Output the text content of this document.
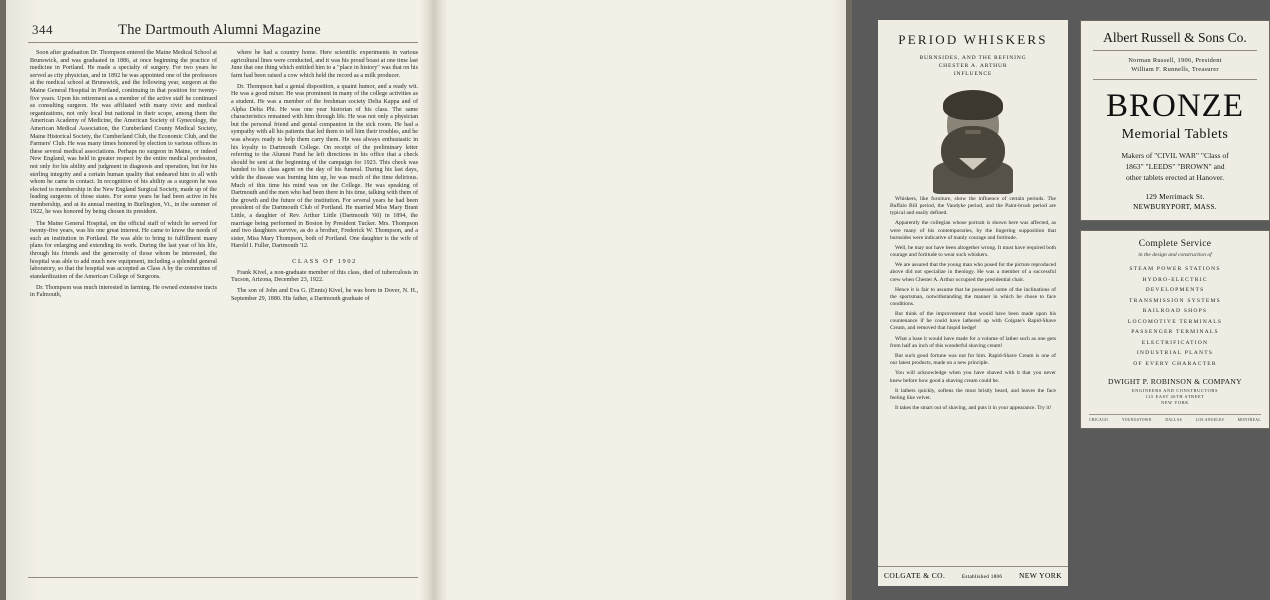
344	The Dartmouth Alumni Magazine

Soon after graduation Dr. Thompson entered the Maine Medical School at Brunswick, and was graduated in 1886, at once beginning the practice of medicine in Portland. He made a specialty of surgery. For two years he served as city physician, and in 1892 he was appointed one of the professors at the medical school at Brunswick, and the following year, surgeon at the Maine General Hospital in Portland, continuing in that position for twenty-five years. Upon his retirement as a member of the active staff he continued as consulting surgeon. He was affiliated with many civic and medical organizations, not only local but national in their scope, among them the American Academy of Medicine, the American Society of Gynecology, the American Medical Association, the Cumberland County Medical Society, Maine Historical Society, the Cumberland Club, the Economic Club, and the Farmers' Club. He was many times honored by election to various offices in these several medical associations. Perhaps no surgeon in Maine, or indeed New England, was held in greater respect by the entire medical profession, not only for his ability and judgment in diagnosis and operation, but for his sterling integrity and a certain human quality that endeared him to all with whom he came in contact. In recognition of his ability as a surgeon he was elected to membership in the New England Surgical Society, made up of the leading surgeons of those states. For some years he had been active in his membership, and at its annual meeting in Burlington, Vt., in the summer of 1922, he was honored by being chosen its president.

The Maine General Hospital, on the official staff of which he served for twenty-five years, was his one great interest. He came to know the needs of such an institution in Portland. He was able to bring to fulfillment many plans for enlarging and extending its work. During the last year of his life, through his friends and the generosity of those whom he interested, the hospital was able to add much new equipment, including a splendid general laboratory, so that the hospital was accepted as Class A by the committee of standardization of the American College of Surgeons.

Dr. Thompson was much interested in farming. He owned extensive tracts in Falmouth,

where he had a country home. Here scientific experiments in various agricultural lines were conducted, and it was his proud boast at one time last June that one thing which entitled him to a "place in history" was that on his farm had been raised a cow which held the record as a milk producer.

Dr. Thompson had a genial disposition, a quaint humor, and a ready wit. He was a good mixer. He was prominent in many of the college activities as a student. He was a member of the freshman society Delta Kappa and of Alpha Delta Phi. He was one year historian of his class. The same characteristics remained with him through life. He was not only a physician but the personal friend and genial companion in the sick room. He had a sympathy with all his patients that led them to tell him their troubles, and he was always ready to help them carry them. He was always enthusiastic in his loyalty to Dartmouth College. On receipt of the preliminary letter referring to the Alumni Fund he left directions in his office that a check should be sent at the beginning of the campaign for 1923. This check was handed to his class agent on the day of his funeral. During his last days, while the disease was burning him up, he was much of the time delirious. Much of this time his mind was on the College. He was speaking of Dartmouth and the men who had been there in his time, talking with them of the growth and the future of the institution. For several years he had been president of the Dartmouth Club of Portland. He married Miss Mary Brant Little, a daughter of Rev. Arthur Little (Dartmouth '60) in 1894, the marriage being performed in Boston by President Tucker. Mrs. Thompson and two daughters survive, as do a brother, Frederick W. Thompson, and a sister, Miss Mary Thompson, both of Portland. One daughter is the wife of Harold I. Fuller, Dartmouth '12.

CLASS OF 1902

Frank Kivel, a non-graduate member of this class, died of tuberculosis in Tucson, Arizona, December 23, 1922.

The son of John and Eva G. (Ennis) Kivel, he was born in Dover, N. H., September 29, 1880. His father, a Dartmouth graduate of

PERIOD WHISKERS
BURNSIDES, AND THE REFINING
CHESTER A. ARTHUR
INFLUENCE

Whiskers, like furniture, show the influence of certain periods. The Buffalo Bill period, the Vandyke period, and the Paint-brush period are typical and easily defined.

Apparently the collegian whose portrait is shown here was affected, as were many of his contemporaries, by the lingering supposition that burnsides were indicative of manly courage and fortitude.

Well, he may not have been altogether wrong. It must have required both courage and fortitude to wear such whiskers.

We are assured that the young man who posed for the picture reproduced above did not specialize in theology. He was a member of a successful crew when Chester A. Arthur occupied the presidential chair.

Hence it is fair to assume that he possessed some of the inclinations of the sportsman, notwithstanding the manner in which he chose to face conditions.

But think of the improvement that would have been made upon his countenance if he could have lathered up with Colgate's Rapid-Shave Cream, and removed that hispid hedge!

What a base it would have made for a volume of lather such as one gets from half an inch of this wonderful shaving cream!

But such good fortune was not for him. Rapid-Shave Cream is one of our latest products, made on a new principle.

You will acknowledge when you have shaved with it that you never knew before how good a shaving cream could be.

It lathers quickly, softens the most bristly beard, and leaves the face feeling like velvet.

It takes the smart out of shaving, and puts it in your appearance. Try it!

COLGATE & CO.	Established 1806 NEW YORK
Albert Russell & Sons Co.
Norman Russell, 1906, President
William F. Runnells, Treasurer
BRONZE
Memorial Tablets
Makers of "CIVIL WAR" "Class of
1863" "LEEDS" "BROWN" and
other tablets erected at Hanover.
129 Merrimack St.
NEWBURYPORT, MASS.
Complete Service
in the design and construction of
STEAM POWER STATIONS
HYDRO-ELECTRIC
DEVELOPMENTS
TRANSMISSION SYSTEMS
RAILROAD SHOPS
LOCOMOTIVE TERMINALS
PASSENGER TERMINALS
ELECTRIFICATION
INDUSTRIAL PLANTS
OF EVERY CHARACTER
DWIGHT P. ROBINSON & COMPANY
ENGINEERS AND CONSTRUCTORS
125 EAST 46TH STREET
NEW YORK
CHICAGO	YOUNGSTOWN	DALLAS	LOS ANGELES	MONTREAL
